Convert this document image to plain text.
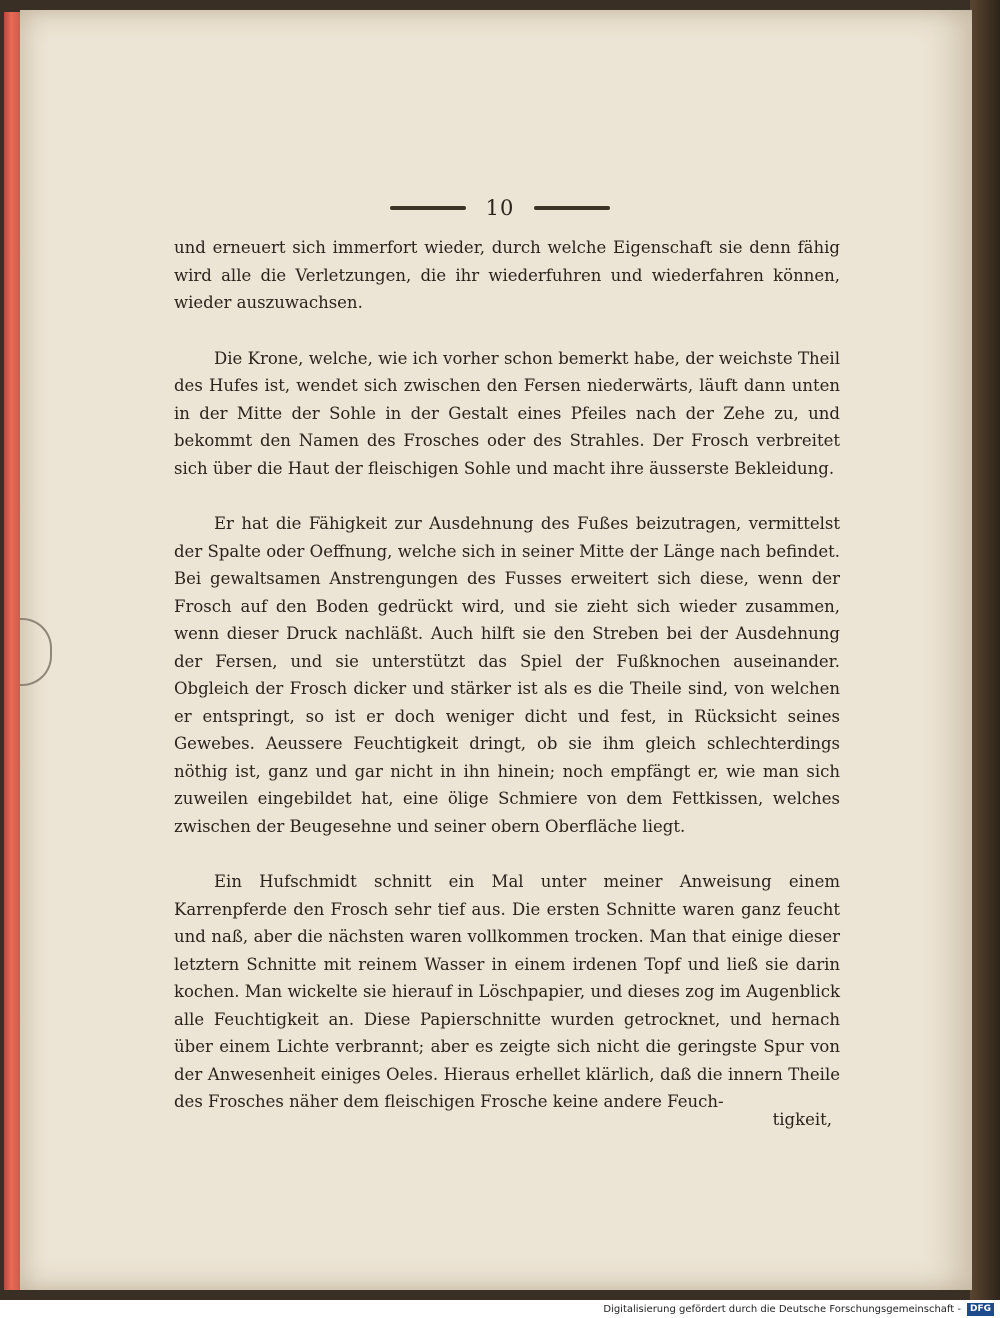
10

und erneuert sich immerfort wieder, durch welche Eigenschaft sie denn fähig wird alle die Verletzungen, die ihr wiederfuhren und wiederfahren können, wieder auszuwachsen.

Die Krone, welche, wie ich vorher schon bemerkt habe, der weichste Theil des Hufes ist, wendet sich zwischen den Fersen niederwärts, läuft dann unten in der Mitte der Sohle in der Gestalt eines Pfeiles nach der Zehe zu, und bekommt den Namen des Frosches oder des Strahles. Der Frosch verbreitet sich über die Haut der fleischigen Sohle und macht ihre äusserste Bekleidung.

Er hat die Fähigkeit zur Ausdehnung des Fußes beizutragen, vermittelst der Spalte oder Oeffnung, welche sich in seiner Mitte der Länge nach befindet. Bei gewaltsamen Anstrengungen des Fusses erweitert sich diese, wenn der Frosch auf den Boden gedrückt wird, und sie zieht sich wieder zusammen, wenn dieser Druck nachläßt. Auch hilft sie den Streben bei der Ausdehnung der Fersen, und sie unterstützt das Spiel der Fußknochen auseinander. Obgleich der Frosch dicker und stärker ist als es die Theile sind, von welchen er entspringt, so ist er doch weniger dicht und fest, in Rücksicht seines Gewebes. Aeussere Feuchtigkeit dringt, ob sie ihm gleich schlechterdings nöthig ist, ganz und gar nicht in ihn hinein; noch empfängt er, wie man sich zuweilen eingebildet hat, eine ölige Schmiere von dem Fettkissen, welches zwischen der Beugesehne und seiner obern Oberfläche liegt.

Ein Hufschmidt schnitt ein Mal unter meiner Anweisung einem Karrenpferde den Frosch sehr tief aus. Die ersten Schnitte waren ganz feucht und naß, aber die nächsten waren vollkommen trocken. Man that einige dieser letztern Schnitte mit reinem Wasser in einem irdenen Topf und ließ sie darin kochen. Man wickelte sie hierauf in Löschpapier, und dieses zog im Augenblick alle Feuchtigkeit an. Diese Papierschnitte wurden getrocknet, und hernach über einem Lichte verbrannt; aber es zeigte sich nicht die geringste Spur von der Anwesenheit einiges Oeles. Hieraus erhellet klärlich, daß die innern Theile des Frosches näher dem fleischigen Frosche keine andere Feuch-

tigkeit,
Digitalisierung gefördert durch die Deutsche Forschungsgemeinschaft -	DFG
